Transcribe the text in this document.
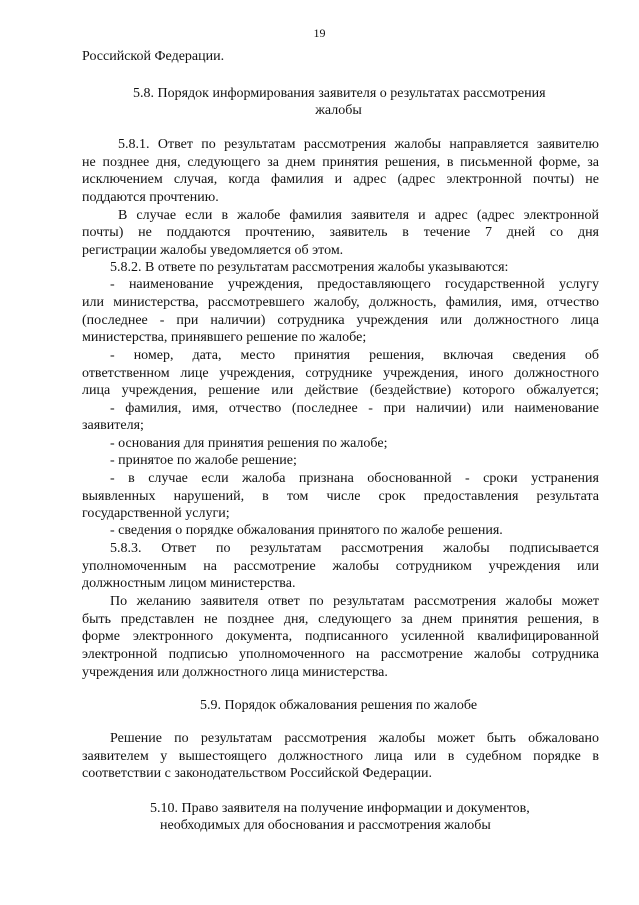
19
Российской Федерации.
5.8. Порядок информирования заявителя о результатах рассмотрения
жалобы
5.8.1. Ответ по результатам рассмотрения жалобы направляется заявителю
не позднее дня, следующего за днем принятия решения, в письменной форме, за
исключением случая, когда фамилия и адрес (адрес электронной почты) не
поддаются прочтению.
В случае если в жалобе фамилия заявителя и адрес (адрес электронной
почты) не поддаются прочтению, заявитель в течение 7 дней со дня
регистрации жалобы уведомляется об этом.
5.8.2. В ответе по результатам рассмотрения жалобы указываются:
- наименование учреждения, предоставляющего государственной услугу
или министерства, рассмотревшего жалобу, должность, фамилия, имя, отчество
(последнее - при наличии) сотрудника учреждения или должностного лица
министерства, принявшего решение по жалобе;
- номер, дата, место принятия решения, включая сведения об
ответственном лице учреждения, сотруднике учреждения, иного должностного
лица учреждения, решение или действие (бездействие) которого обжалуется;
- фамилия, имя, отчество (последнее - при наличии) или наименование
заявителя;
- основания для принятия решения по жалобе;
- принятое по жалобе решение;
- в случае если жалоба признана обоснованной - сроки устранения
выявленных нарушений, в том числе срок предоставления результата
государственной услуги;
- сведения о порядке обжалования принятого по жалобе решения.
5.8.3. Ответ по результатам рассмотрения жалобы подписывается
уполномоченным на рассмотрение жалобы сотрудником учреждения или
должностным лицом министерства.
По желанию заявителя ответ по результатам рассмотрения жалобы может
быть представлен не позднее дня, следующего за днем принятия решения, в
форме электронного документа, подписанного усиленной квалифицированной
электронной подписью уполномоченного на рассмотрение жалобы сотрудника
учреждения или должностного лица министерства.
5.9. Порядок обжалования решения по жалобе
Решение по результатам рассмотрения жалобы может быть обжаловано
заявителем у вышестоящего должностного лица или в судебном порядке в
соответствии с законодательством Российской Федерации.
5.10. Право заявителя на получение информации и документов,
необходимых для обоснования и рассмотрения жалобы
